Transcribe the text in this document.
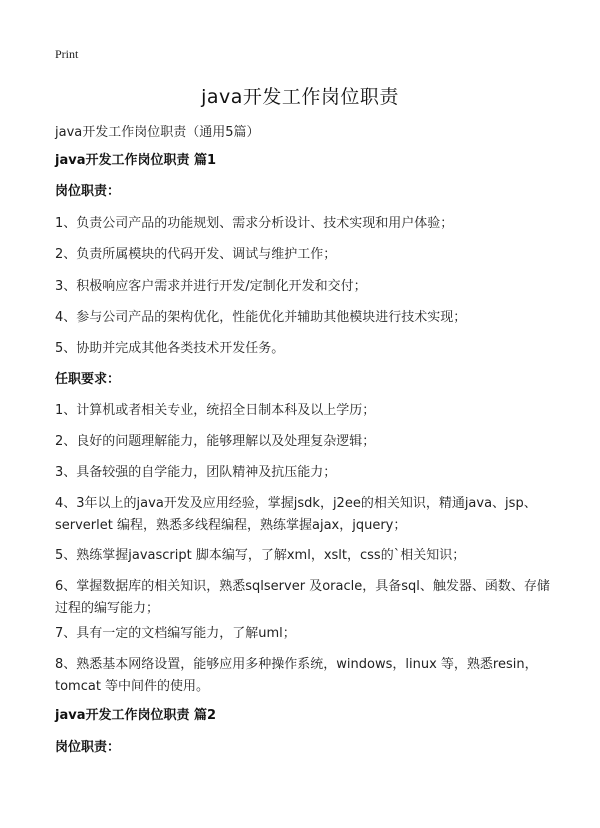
Print
java开发工作岗位职责
java开发工作岗位职责（通用5篇）
java开发工作岗位职责 篇1
岗位职责：
1、负责公司产品的功能规划、需求分析设计、技术实现和用户体验；
2、负责所属模块的代码开发、调试与维护工作；
3、积极响应客户需求并进行开发/定制化开发和交付；
4、参与公司产品的架构优化，性能优化并辅助其他模块进行技术实现；
5、协助并完成其他各类技术开发任务。
任职要求：
1、计算机或者相关专业，统招全日制本科及以上学历；
2、良好的问题理解能力，能够理解以及处理复杂逻辑；
3、具备较强的自学能力，团队精神及抗压能力；
4、3年以上的java开发及应用经验，掌握jsdk，j2ee的相关知识，精通java、jsp、serverlet 编程，熟悉多线程编程，熟练掌握ajax，jquery；
5、熟练掌握javascript 脚本编写，了解xml，xslt，css的`相关知识；
6、掌握数据库的相关知识，熟悉sqlserver 及oracle，具备sql、触发器、函数、存储过程的编写能力；
7、具有一定的文档编写能力，了解uml；
8、熟悉基本网络设置，能够应用多种操作系统，windows，linux 等，熟悉resin，tomcat 等中间件的使用。
java开发工作岗位职责 篇2
岗位职责：
